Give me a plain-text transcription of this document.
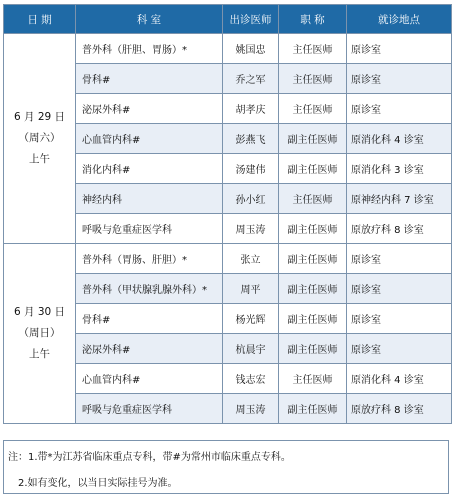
日 期	科 室	出诊医师	职 称	就诊地点

6 月 29 日
（周六）
上午	普外科（肝胆、胃肠）*	姚国忠	主任医师	原诊室
	骨科#	乔之军	主任医师	原诊室
	泌尿外科#	胡孝庆	主任医师	原诊室
	心血管内科#	彭燕飞	副主任医师	原消化科 4 诊室
	消化内科#	汤建伟	副主任医师	原消化科 3 诊室
	神经内科	孙小红	主任医师	原神经内科 7 诊室
	呼吸与危重症医学科	周玉涛	副主任医师	原放疗科 8 诊室

6 月 30 日
（周日）
上午	普外科（胃肠、肝胆）*	张立	副主任医师	原诊室
	普外科（甲状腺乳腺外科）*	周平	副主任医师	原诊室
	骨科#	杨光辉	副主任医师	原诊室
	泌尿外科#	杭晨宇	副主任医师	原诊室
	心血管内科#	钱志宏	主任医师	原消化科 4 诊室
	呼吸与危重症医学科	周玉涛	副主任医师	原放疗科 8 诊室
注：1.带*为江苏省临床重点专科，带#为常州市临床重点专科。
2.如有变化，以当日实际挂号为准。
